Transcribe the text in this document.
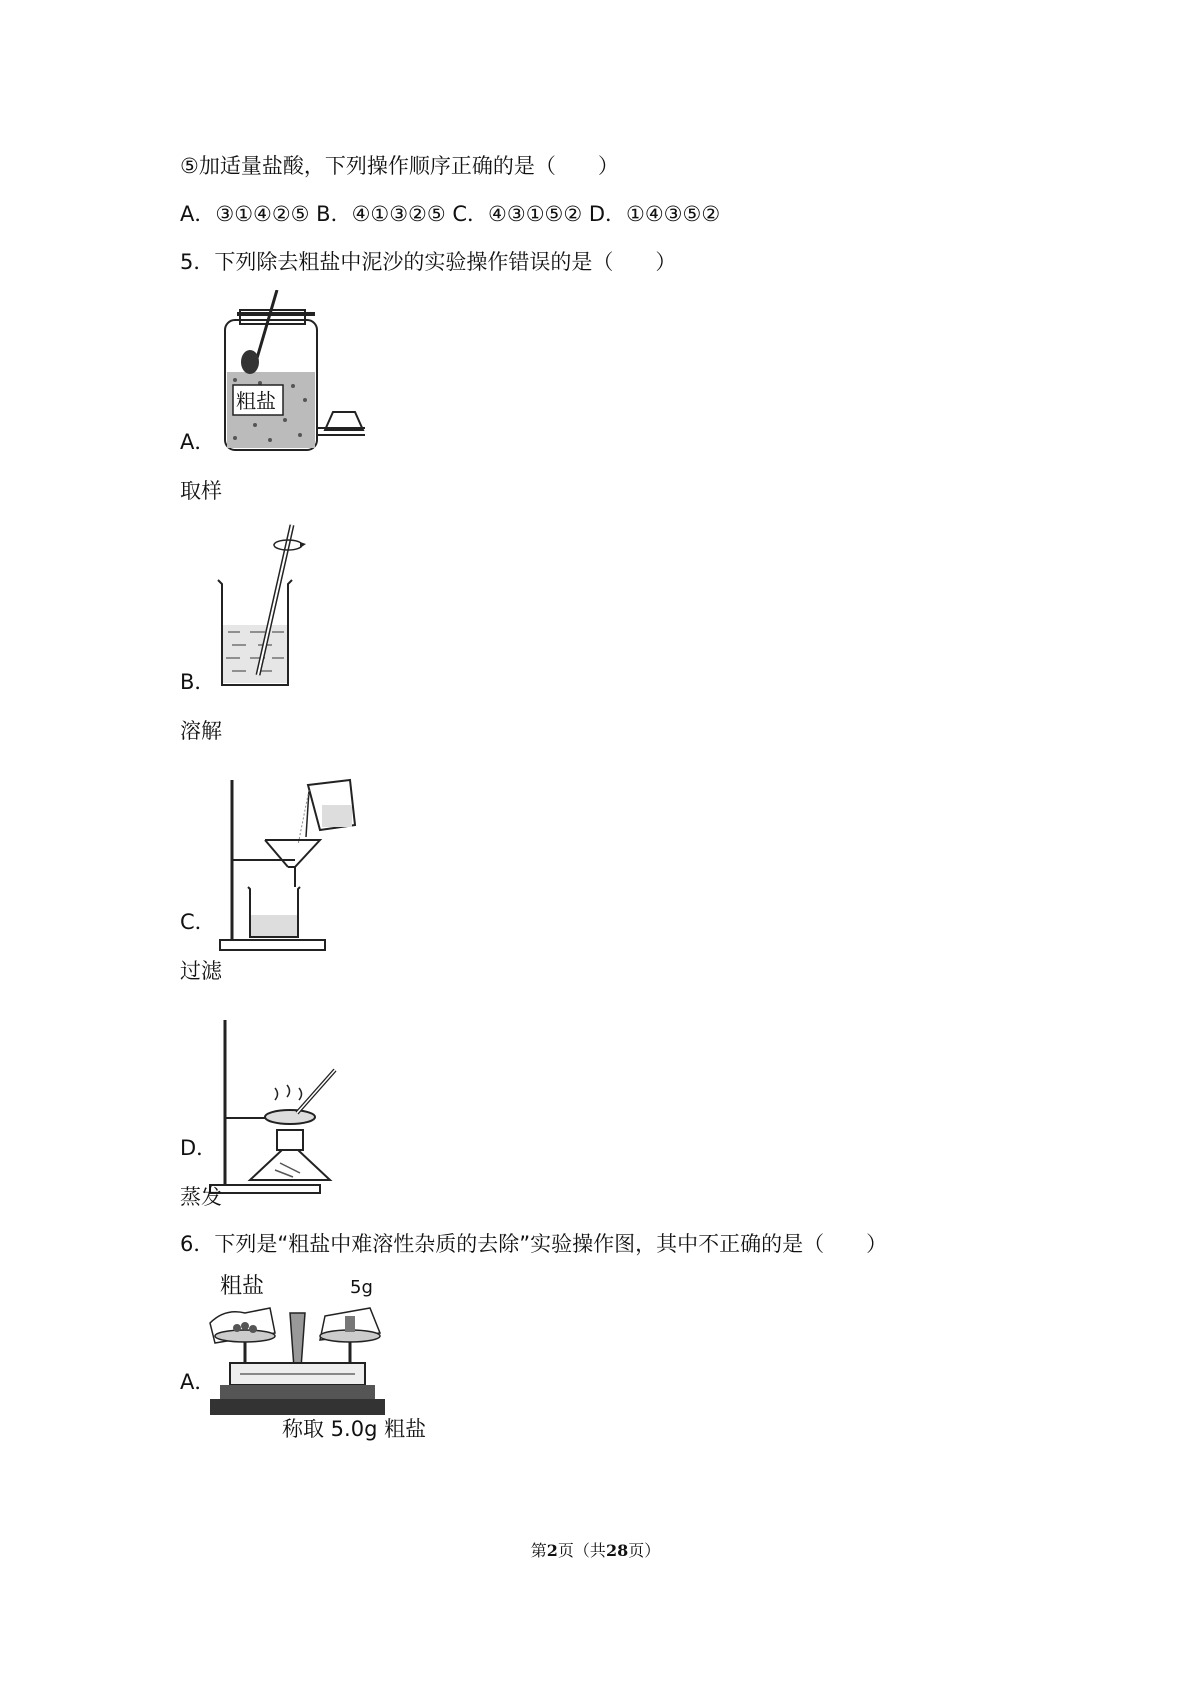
⑤加适量盐酸，下列操作顺序正确的是（　　）
A．③①④②⑤ B．④①③②⑤ C．④③①⑤② D．①④③⑤②
5．下列除去粗盐中泥沙的实验操作错误的是（　　）
粗盐
A．
取样
B．
溶解
C．
过滤
D．
蒸发
6．下列是“粗盐中难溶性杂质的去除”实验操作图，其中不正确的是（　　）
粗盐	5g
A．
称取 5.0g 粗盐
第2页（共28页）
